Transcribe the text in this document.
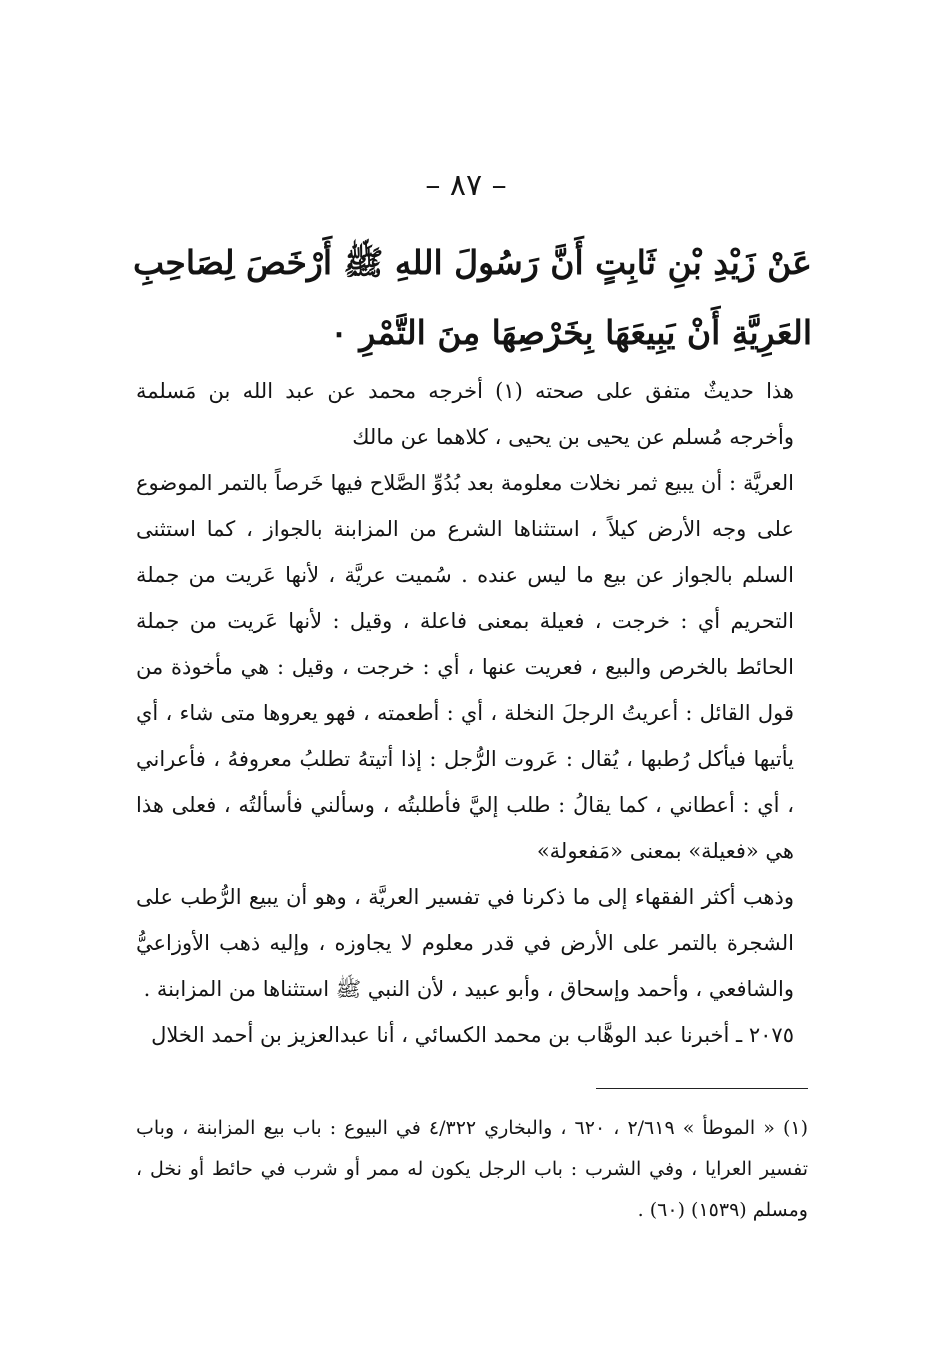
– ٨٧ –
عَنْ زَيْدِ بْنِ ثَابِتٍ أَنَّ رَسُولَ اللهِ ﷺ أَرْخَصَ لِصَاحِبِ العَرِيَّةِ أَنْ يَبِيعَهَا بِخَرْصِهَا مِنَ التَّمْرِ ٠

هذا حديثٌ متفق على صحته (١) أخرجه محمد عن عبد الله بن مَسلمة وأخرجه مُسلم عن يحيى بن يحيى ، كلاهما عن مالك

العريَّة : أن يبيع ثمر نخلات معلومة بعد بُدُوِّ الصَّلاح فيها خَرصاً بالتمر الموضوع على وجه الأرض كيلاً ، استثناها الشرع من المزابنة بالجواز ، كما استثنى السلم بالجواز عن بيع ما ليس عنده . سُميت عريَّة ، لأنها عَريت من جملة التحريم أي : خرجت ، فعيلة بمعنى فاعلة ، وقيل : لأنها عَريت من جملة الحائط بالخرص والبيع ، فعريت عنها ، أي : خرجت ، وقيل : هي مأخوذة من قول القائل : أعريتُ الرجلَ النخلة ، أي : أطعمته ، فهو يعروها متى شاء ، أي يأتيها فيأكل رُطبها ، يُقال : عَروت الرُّجل : إذا أتيتهُ تطلبُ معروفهُ ، فأعراني ، أي : أعطاني ، كما يقالُ : طلب إليَّ فأطلبتُه ، وسألني فأسألتُه ، فعلى هذا هي «فعيلة» بمعنى «مَفعولة»

وذهب أكثر الفقهاء إلى ما ذكرنا في تفسير العريَّة ، وهو أن يبيع الرُّطب على الشجرة بالتمر على الأرض في قدر معلوم لا يجاوزه ، وإليه ذهب الأوزاعيُّ والشافعي ، وأحمد وإسحاق ، وأبو عبيد ، لأن النبي ﷺ استثناها من المزابنة .

٢٠٧٥ ـ أخبرنا عبد الوهَّاب بن محمد الكسائي ، أنا عبدالعزيز بن أحمد الخلال

(١) « الموطأ » ٢/٦١٩ ، ٦٢٠ ، والبخاري ٤/٣٢٢ في البيوع : باب بيع المزابنة ، وباب تفسير العرايا ، وفي الشرب : باب الرجل يكون له ممر أو شرب في حائط أو نخل ، ومسلم (١٥٣٩) (٦٠) .
